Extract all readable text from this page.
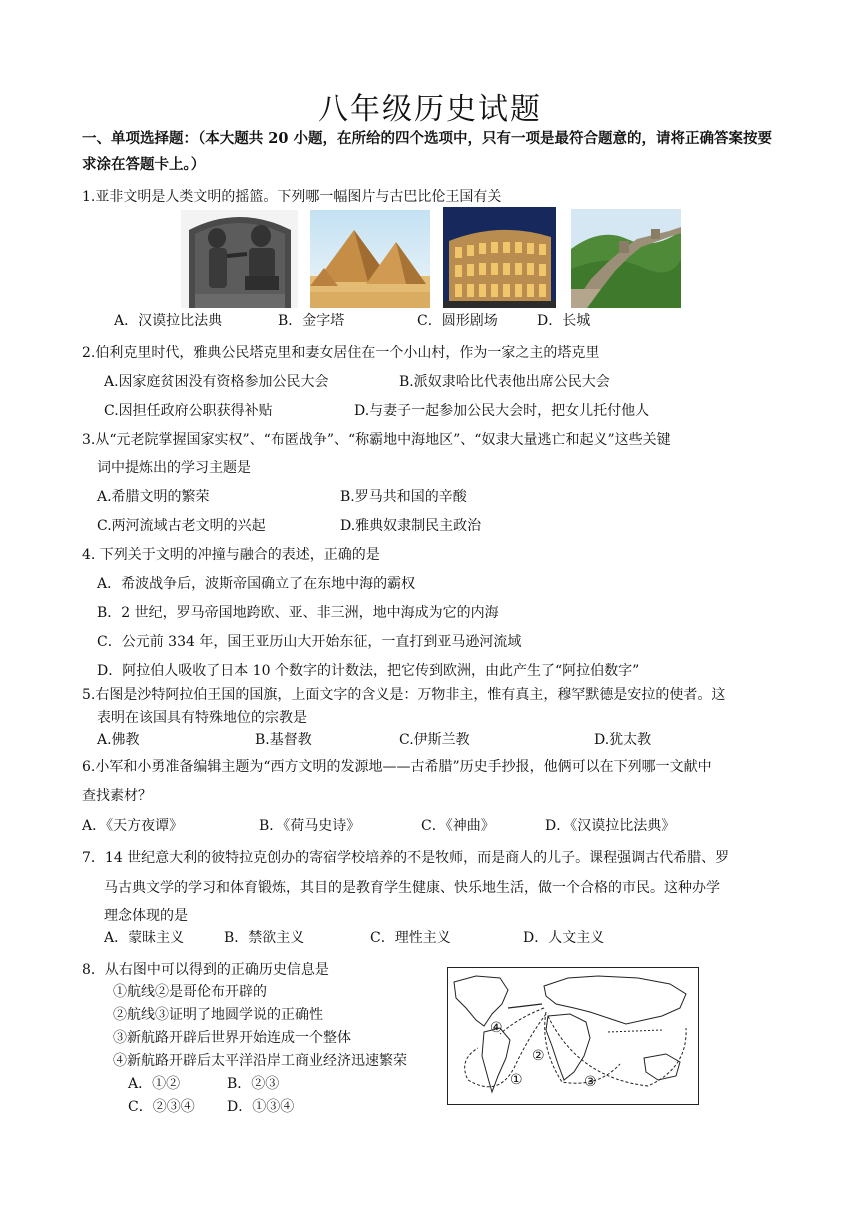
八年级历史试题
一、单项选择题：（本大题共 20 小题，在所给的四个选项中，只有一项是最符合题意的，请将正确答案按要求涂在答题卡上。）
1.亚非文明是人类文明的摇篮。下列哪一幅图片与古巴比伦王国有关
A．汉谟拉比法典	B．金字塔	C．圆形剧场	D．长城
2.伯利克里时代，雅典公民塔克里和妻女居住在一个小山村，作为一家之主的塔克里
A.因家庭贫困没有资格参加公民大会	B.派奴隶哈比代表他出席公民大会
C.因担任政府公职获得补贴	D.与妻子一起参加公民大会时，把女儿托付他人
3.从“元老院掌握国家实权”、“布匿战争”、“称霸地中海地区”、“奴隶大量逃亡和起义”这些关键
词中提炼出的学习主题是
A.希腊文明的繁荣	B.罗马共和国的辛酸
C.两河流域古老文明的兴起	D.雅典奴隶制民主政治
4. 下列关于文明的冲撞与融合的表述，正确的是
A．希波战争后，波斯帝国确立了在东地中海的霸权
B．2 世纪，罗马帝国地跨欧、亚、非三洲，地中海成为它的内海
C．公元前 334 年，国王亚历山大开始东征，一直打到亚马逊河流域
D．阿拉伯人吸收了日本 10 个数字的计数法，把它传到欧洲，由此产生了“阿拉伯数字”
5.右图是沙特阿拉伯王国的国旗，上面文字的含义是：万物非主，惟有真主，穆罕默德是安拉的使者。这
表明在该国具有特殊地位的宗教是
A.佛教	B.基督教	C.伊斯兰教	D.犹太教
6.小军和小勇准备编辑主题为“西方文明的发源地——古希腊”历史手抄报，他俩可以在下列哪一文献中
查找素材？
A．《天方夜谭》	B．《荷马史诗》	C．《神曲》	D．《汉谟拉比法典》
7．14 世纪意大利的彼特拉克创办的寄宿学校培养的不是牧师，而是商人的儿子。课程强调古代希腊、罗
马古典文学的学习和体育锻炼，其目的是教育学生健康、快乐地生活，做一个合格的市民。这种办学
理念体现的是
A．蒙昧主义	B．禁欲主义	C．理性主义	D．人文主义
8．从右图中可以得到的正确历史信息是
①航线②是哥伦布开辟的
②航线③证明了地圆学说的正确性
③新航路开辟后世界开始连成一个整体
④新航路开辟后太平洋沿岸工商业经济迅速繁荣
A．①②	B．②③
C．②③④ D．①③④
④
②
①	③
